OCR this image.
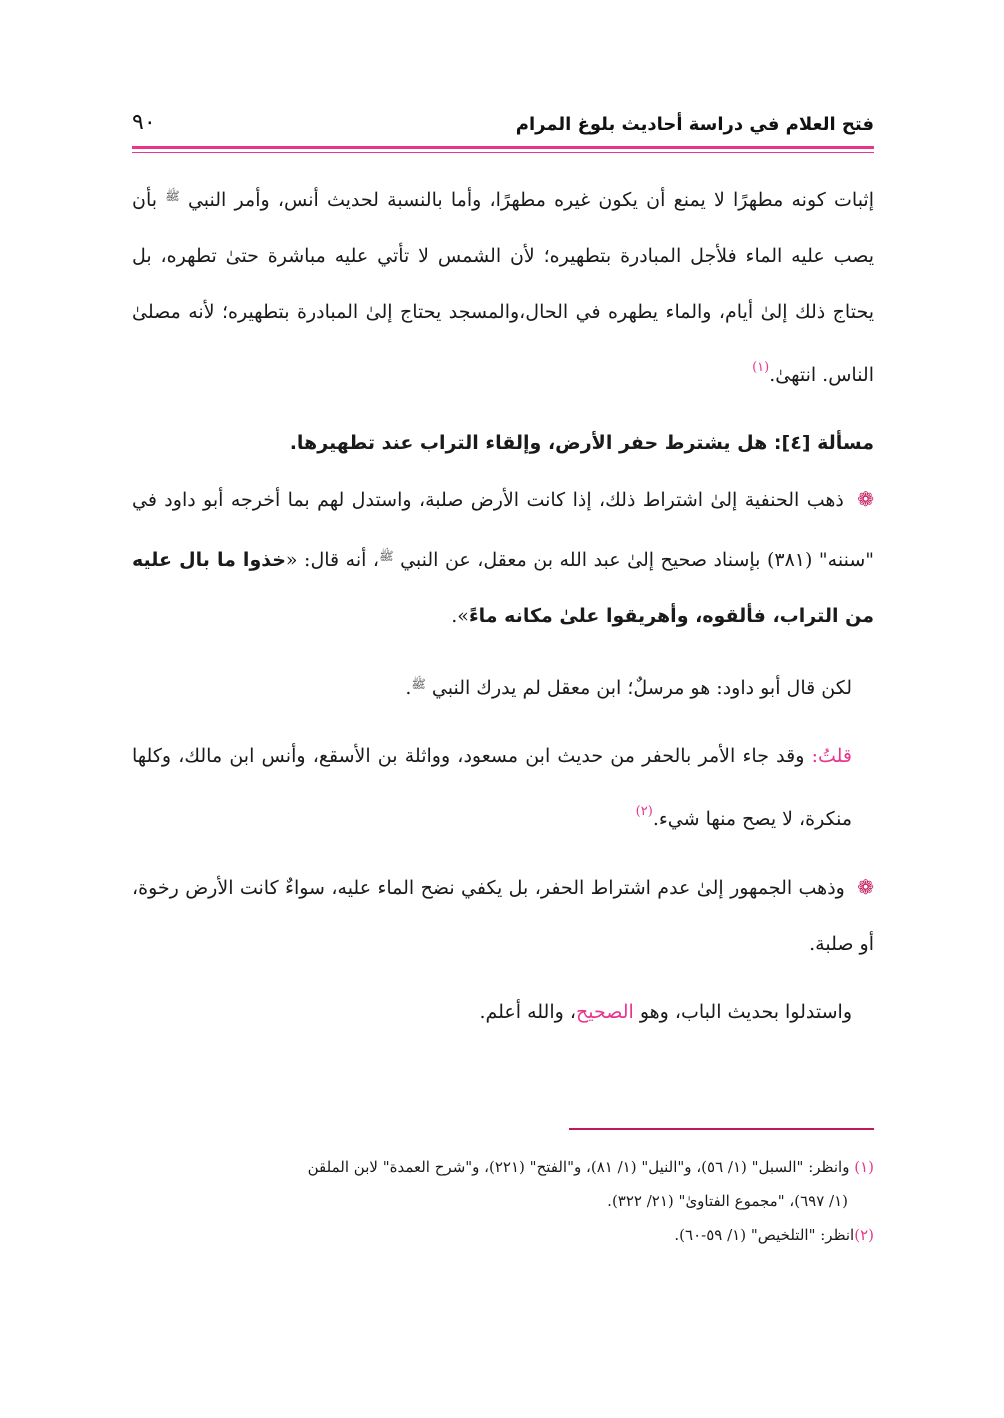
فتح العلام في دراسة أحاديث بلوغ المرام
٩٠

إثبات كونه مطهرًا لا يمنع أن يكون غيره مطهرًا، وأما بالنسبة لحديث أنس، وأمر النبي $^ﷺ$ بأن يصب عليه الماء فلأجل المبادرة بتطهيره؛ لأن الشمس لا تأتي عليه مباشرة حتىٰ تطهره، بل يحتاج ذلك إلىٰ أيام، والماء يطهره في الحال،والمسجد يحتاج إلىٰ المبادرة بتطهيره؛ لأنه مصلىٰ الناس. انتهىٰ.$^{(١)}$

مسألة [٤]: هل يشترط حفر الأرض، وإلقاء التراب عند تطهيرها.

❁ ذهب الحنفية إلىٰ اشتراط ذلك، إذا كانت الأرض صلبة، واستدل لهم بما أخرجه أبو داود في "سننه" (٣٨١) بإسناد صحيح إلىٰ عبد الله بن معقل، عن النبي $^ﷺ$، أنه قال: «خذوا ما بال عليه من التراب، فألقوه، وأهريقوا علىٰ مكانه ماءً».

لكن قال أبو داود: هو مرسلٌ؛ ابن معقل لم يدرك النبي $^ﷺ$.

قلتُ: وقد جاء الأمر بالحفر من حديث ابن مسعود، وواثلة بن الأسقع، وأنس ابن مالك، وكلها منكرة، لا يصح منها شيء.$^{(٢)}$

❁ وذهب الجمهور إلىٰ عدم اشتراط الحفر، بل يكفي نضح الماء عليه، سواءٌ كانت الأرض رخوة، أو صلبة.

واستدلوا بحديث الباب، وهو الصحيح، والله أعلم.

(١) وانظر: "السبل" (١/ ٥٦)، و"النيل" (١/ ٨١)، و"الفتح" (٢٢١)، و"شرح العمدة" لابن الملقن

(١/ ٦٩٧)، "مجموع الفتاوىٰ" (٢١/ ٣٢٢).

(٢)انظر: "التلخيص" (١/ ٥٩-٦٠).
